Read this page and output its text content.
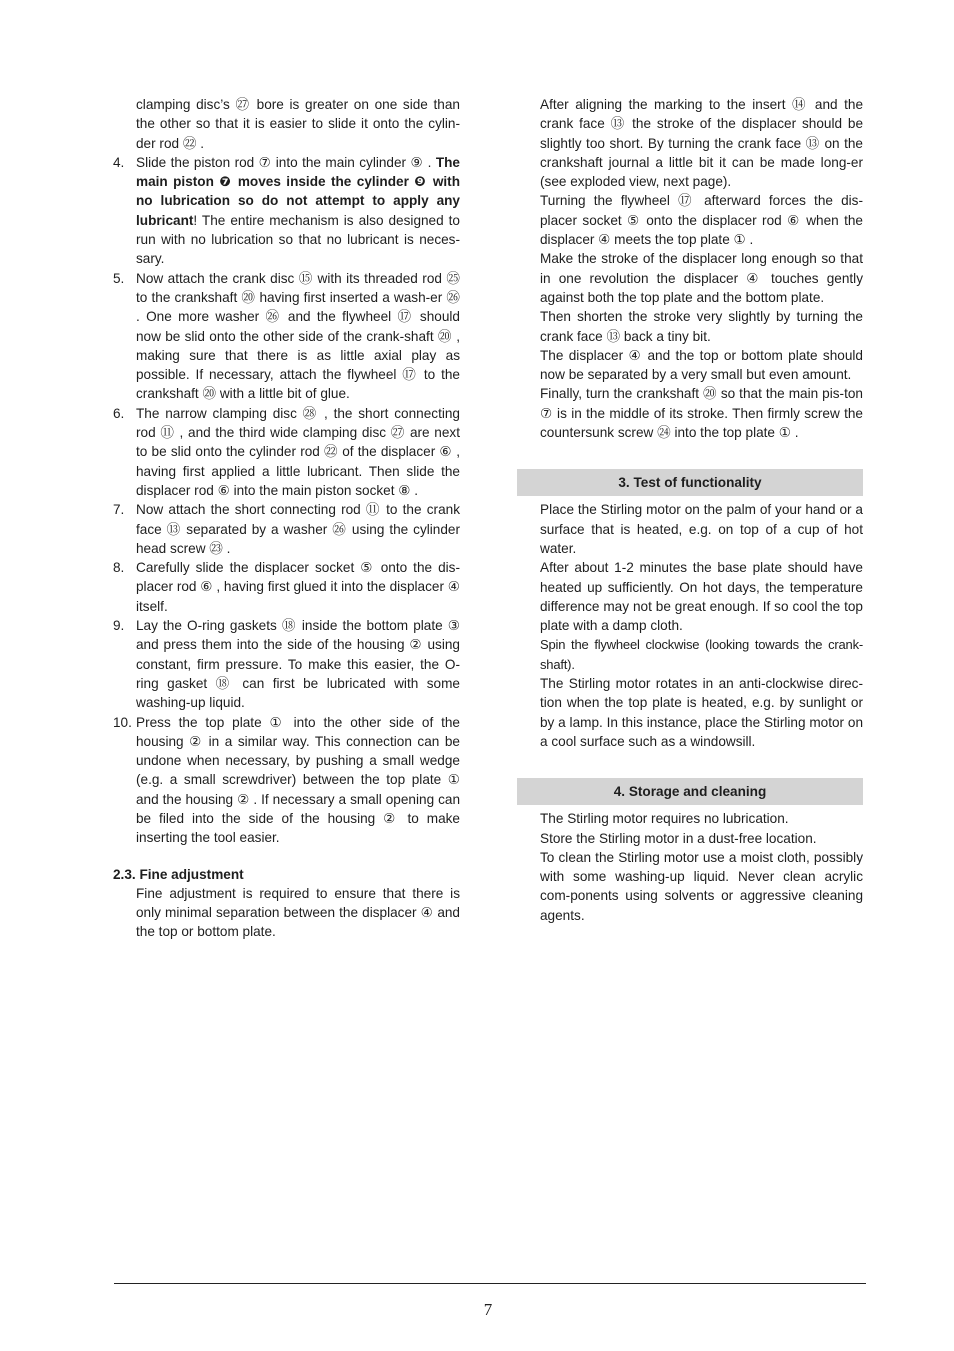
clamping disc’s ㉗ bore is greater on one side than the other so that it is easier to slide it onto the cylin-der rod ㉒ .

4. Slide the piston rod ⑦ into the main cylinder ⑨ . The main piston ❼ moves inside the cylinder ❾ with no lubrication so do not attempt to apply any lubricant! The entire mechanism is also designed to run with no lubrication so that no lubricant is neces-sary.
5. Now attach the crank disc ⑮ with its threaded rod ㉕ to the crankshaft ⑳ having first inserted a wash-er ㉖ . One more washer ㉖ and the flywheel ⑰ should now be slid onto the other side of the crank-shaft ⑳ , making sure that there is as little axial play as possible. If necessary, attach the flywheel ⑰ to the crankshaft ⑳ with a little bit of glue.
6. The narrow clamping disc ㉘ , the short connecting rod ⑪ , and the third wide clamping disc ㉗ are next to be slid onto the cylinder rod ㉒ of the displacer ⑥ , having first applied a little lubricant. Then slide the displacer rod ⑥ into the main piston socket ⑧ .
7. Now attach the short connecting rod ⑪ to the crank face ⑬ separated by a washer ㉖ using the cylinder head screw ㉓ .
8. Carefully slide the displacer socket ⑤ onto the dis-placer rod ⑥ , having first glued it into the displacer ④ itself.
9. Lay the O-ring gaskets ⑱ inside the bottom plate ③ and press them into the side of the housing ② using constant, firm pressure. To make this easier, the O-ring gasket ⑱ can first be lubricated with some washing-up liquid.
10. Press the top plate ① into the other side of the housing ② in a similar way. This connection can be undone when necessary, by pushing a small wedge (e.g. a small screwdriver) between the top plate ① and the housing ② . If necessary a small opening can be filed into the side of the housing ② to make inserting the tool easier.
2.3. Fine adjustment

Fine adjustment is required to ensure that there is only minimal separation between the displacer ④ and the top or bottom plate.

After aligning the marking to the insert ⑭ and the crank face ⑬ the stroke of the displacer should be slightly too short. By turning the crank face ⑬ on the crankshaft journal a little bit it can be made long-er (see exploded view, next page).

Turning the flywheel ⑰ afterward forces the dis-placer socket ⑤ onto the displacer rod ⑥ when the displacer ④ meets the top plate ① .

Make the stroke of the displacer long enough so that in one revolution the displacer ④ touches gently against both the top plate and the bottom plate.

Then shorten the stroke very slightly by turning the crank face ⑬ back a tiny bit.

The displacer ④ and the top or bottom plate should now be separated by a very small but even amount.

Finally, turn the crankshaft ⑳ so that the main pis-ton ⑦ is in the middle of its stroke. Then firmly screw the countersunk screw ㉔ into the top plate ① .

3. Test of functionality

Place the Stirling motor on the palm of your hand or a surface that is heated, e.g. on top of a cup of hot water.

After about 1-2 minutes the base plate should have heated up sufficiently. On hot days, the temperature difference may not be great enough. If so cool the top plate with a damp cloth.

Spin the flywheel clockwise (looking towards the crank-shaft).

The Stirling motor rotates in an anti-clockwise direc-tion when the top plate is heated, e.g. by sunlight or by a lamp. In this instance, place the Stirling motor on a cool surface such as a windowsill.

4. Storage and cleaning

The Stirling motor requires no lubrication.

Store the Stirling motor in a dust-free location.

To clean the Stirling motor use a moist cloth, possibly with some washing-up liquid. Never clean acrylic com-ponents using solvents or aggressive cleaning agents.

7
